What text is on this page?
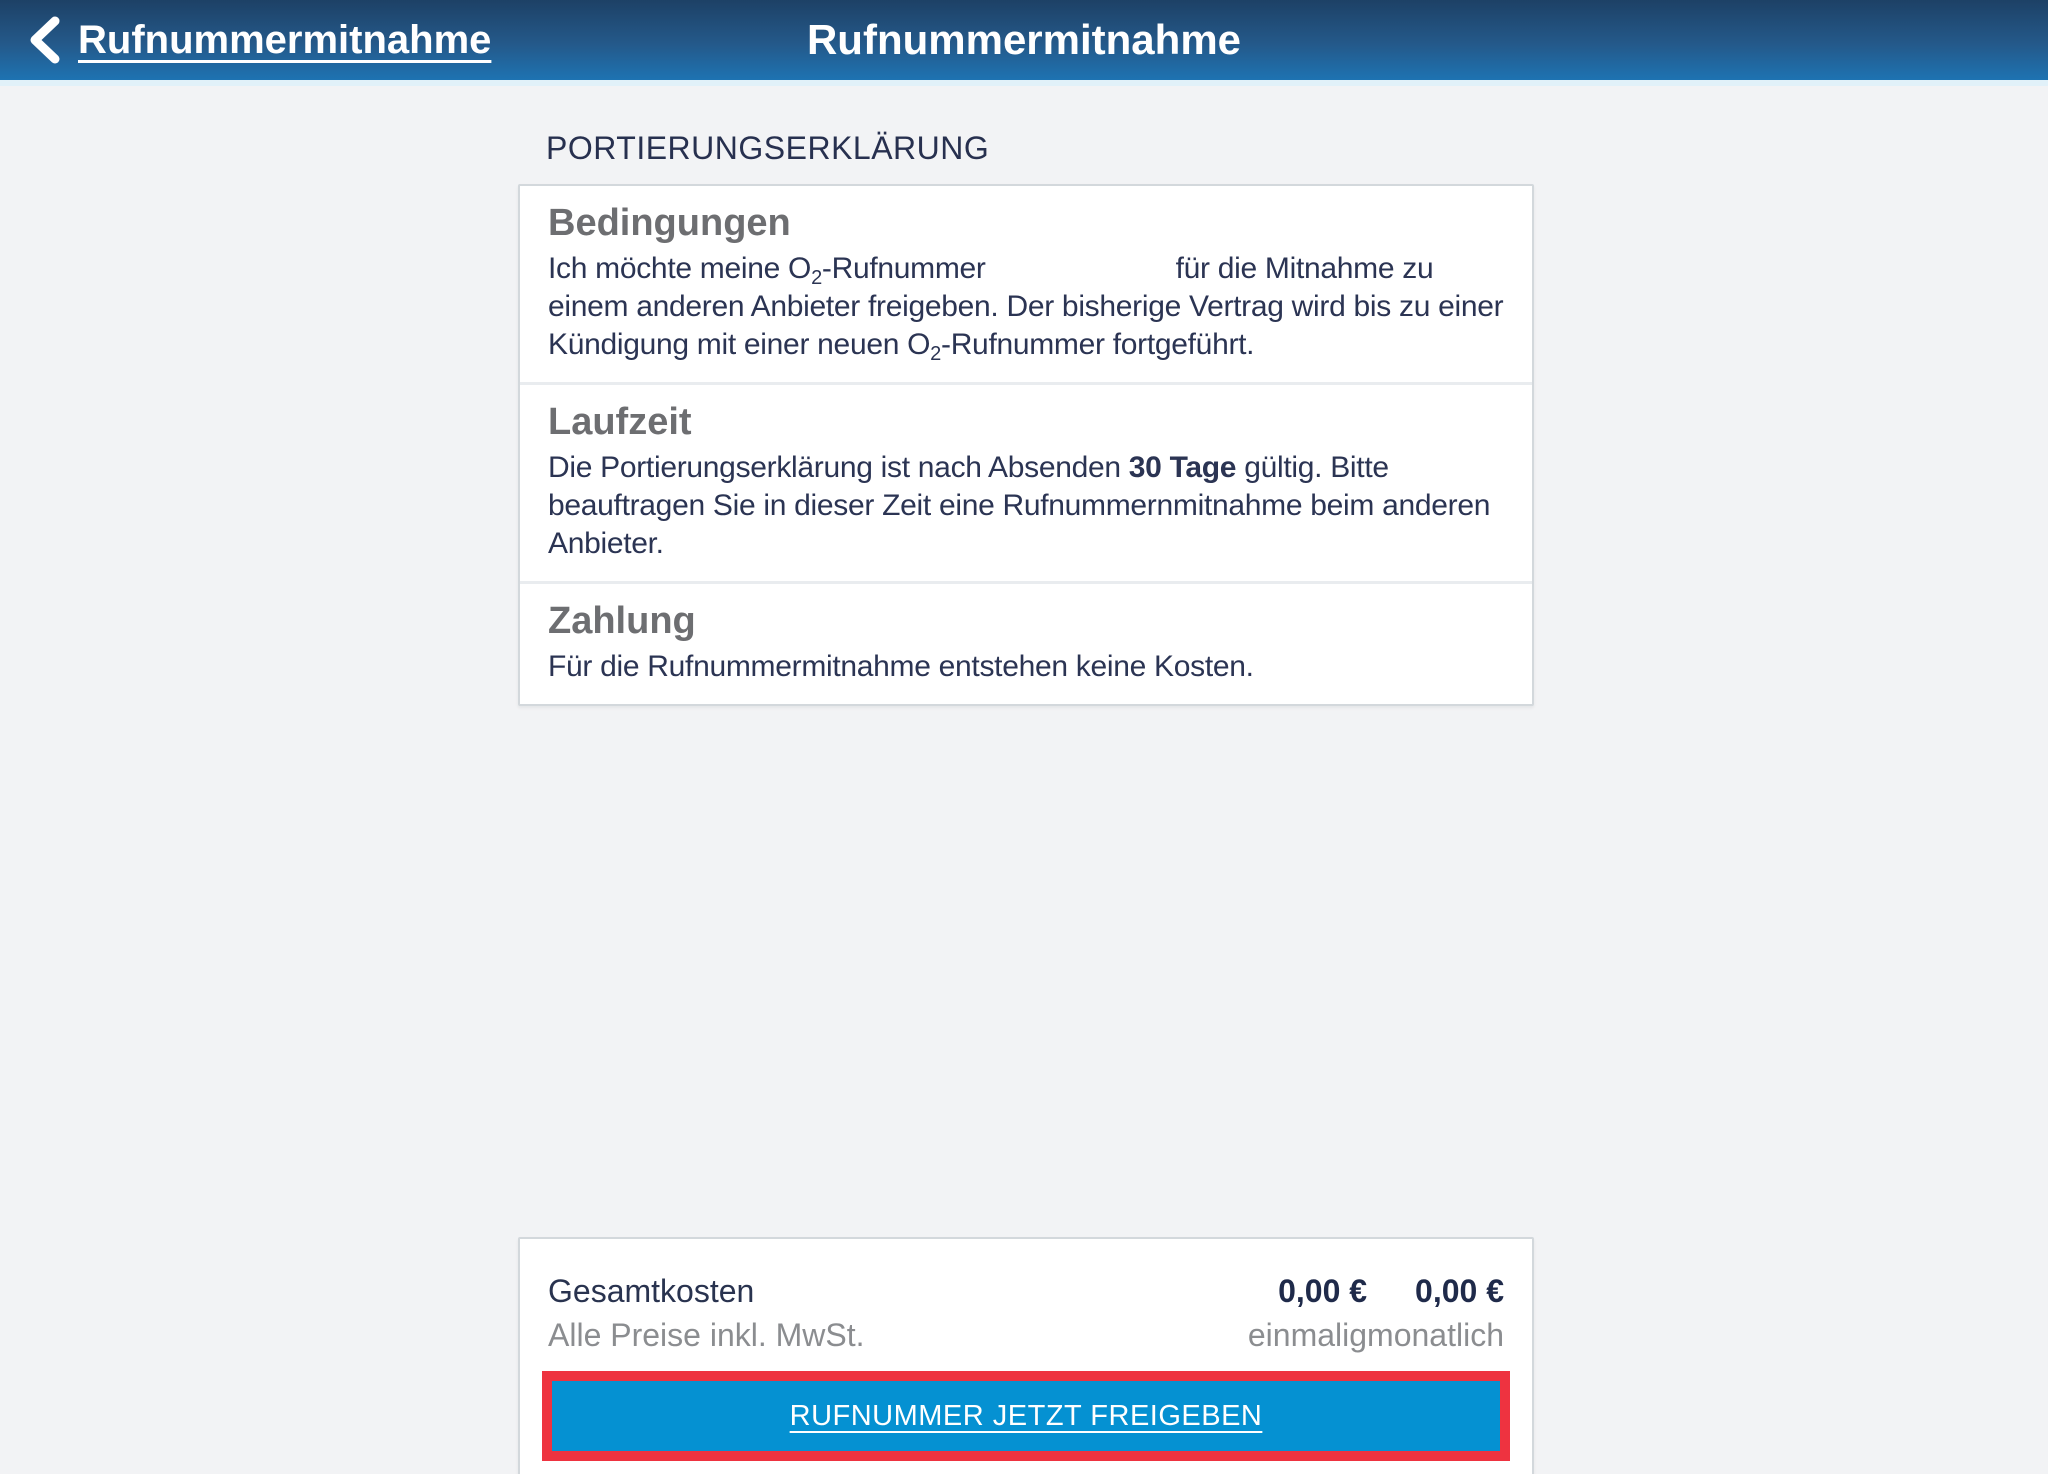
Rufnummermitnahme	Rufnummermitnahme
PORTIERUNGSERKLÄRUNG
Bedingungen

Ich möchte meine $O_2$-Rufnummer	für die Mitnahme zu
einem anderen Anbieter freigeben. Der bisherige Vertrag wird bis zu einer
Kündigung mit einer neuen $O_2$-Rufnummer fortgeführt.

Laufzeit

Die Portierungserklärung ist nach Absenden 30 Tage gültig. Bitte
beauftragen Sie in dieser Zeit eine Rufnummernmitnahme beim anderen
Anbieter.

Zahlung

Für die Rufnummermitnahme entstehen keine Kosten.

Gesamtkosten
Alle Preise inkl. MwSt.
0,00 €
einmalig
0,00 €
monatlich
RUFNUMMER JETZT FREIGEBEN
